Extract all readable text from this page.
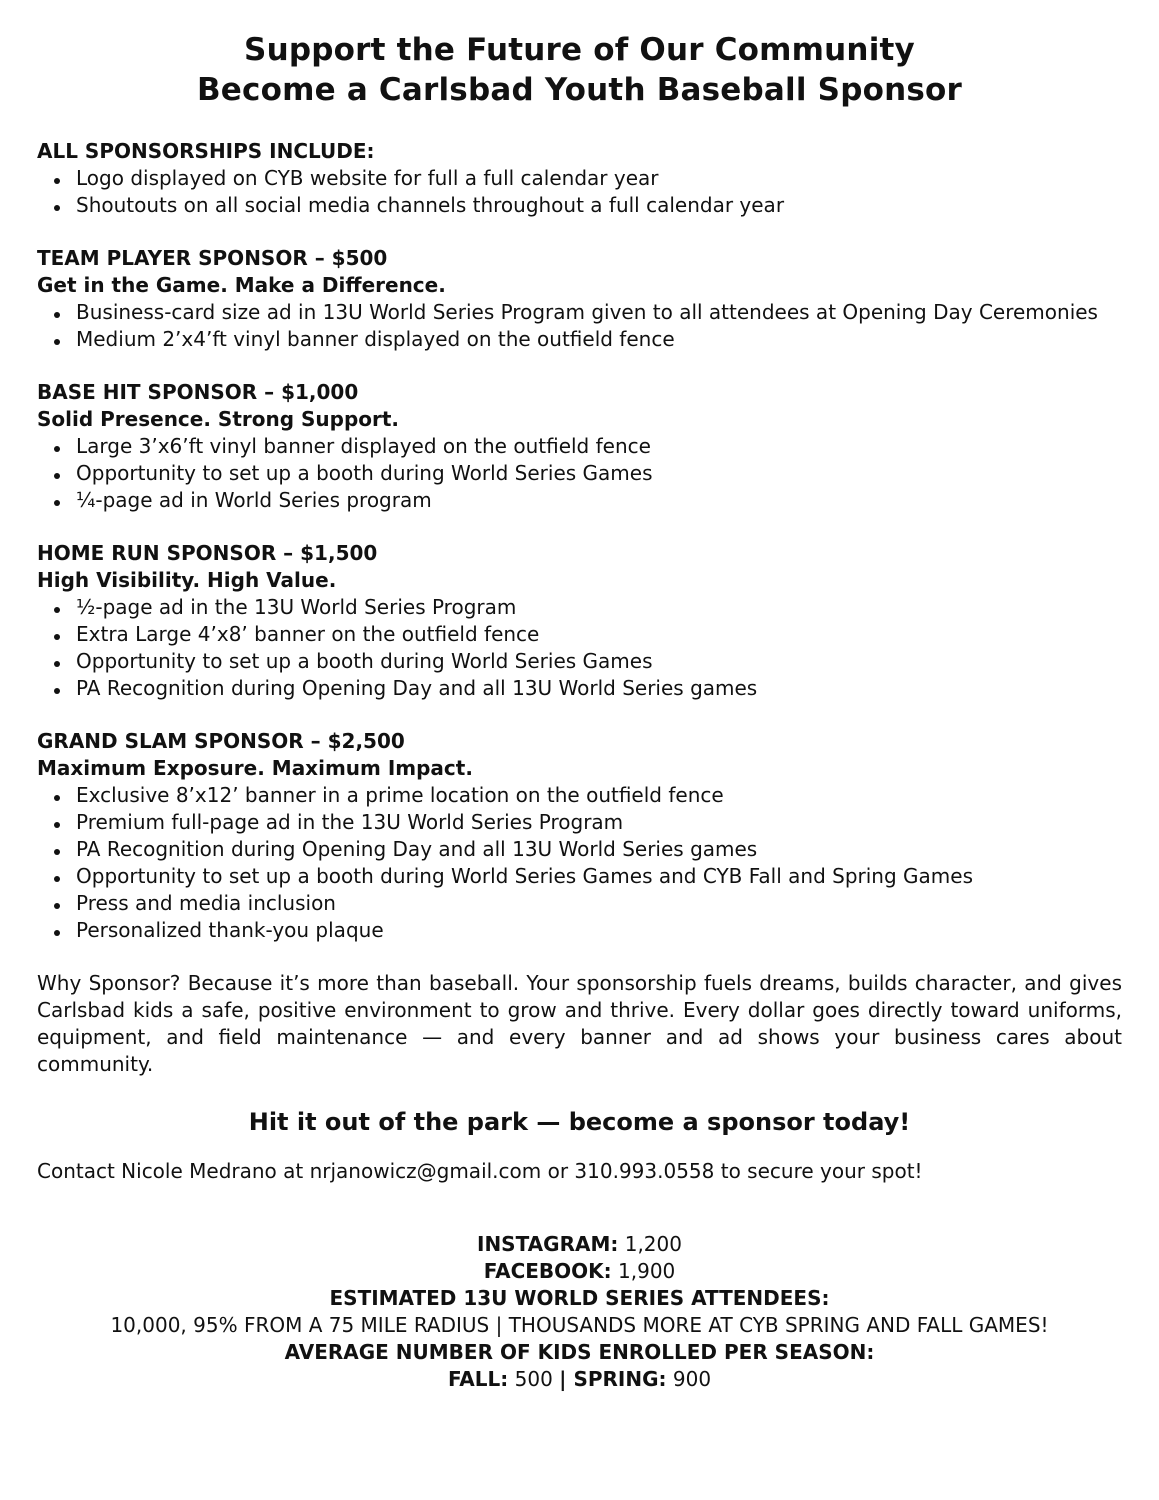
Support the Future of Our Community
Become a Carlsbad Youth Baseball Sponsor
ALL SPONSORSHIPS INCLUDE:
Logo displayed on CYB website for full a full calendar year
Shoutouts on all social media channels throughout a full calendar year
TEAM PLAYER SPONSOR – $500
Get in the Game. Make a Difference.
Business-card size ad in 13U World Series Program given to all attendees at Opening Day Ceremonies
Medium 2’x4’ft vinyl banner displayed on the outfield fence
BASE HIT SPONSOR – $1,000
Solid Presence. Strong Support.
Large 3’x6’ft vinyl banner displayed on the outfield fence
Opportunity to set up a booth during World Series Games
¼-page ad in World Series program
HOME RUN SPONSOR – $1,500
High Visibility. High Value.
½-page ad in the 13U World Series Program
Extra Large 4’x8’ banner on the outfield fence
Opportunity to set up a booth during World Series Games
PA Recognition during Opening Day and all 13U World Series games
GRAND SLAM SPONSOR – $2,500
Maximum Exposure. Maximum Impact.
Exclusive 8’x12’ banner in a prime location on the outfield fence
Premium full-page ad in the 13U World Series Program
PA Recognition during Opening Day and all 13U World Series games
Opportunity to set up a booth during World Series Games and CYB Fall and Spring Games
Press and media inclusion
Personalized thank-you plaque

Why Sponsor? Because it’s more than baseball. Your sponsorship fuels dreams, builds character, and gives Carlsbad kids a safe, positive environment to grow and thrive. Every dollar goes directly toward uniforms, equipment, and field maintenance — and every banner and ad shows your business cares about community.

Hit it out of the park — become a sponsor today!

Contact Nicole Medrano at nrjanowicz@gmail.com or 310.993.0558 to secure your spot!

INSTAGRAM: 1,200
FACEBOOK: 1,900
ESTIMATED 13U WORLD SERIES ATTENDEES:
10,000, 95% FROM A 75 MILE RADIUS | THOUSANDS MORE AT CYB SPRING AND FALL GAMES!
AVERAGE NUMBER OF KIDS ENROLLED PER SEASON:
FALL: 500 | SPRING: 900
